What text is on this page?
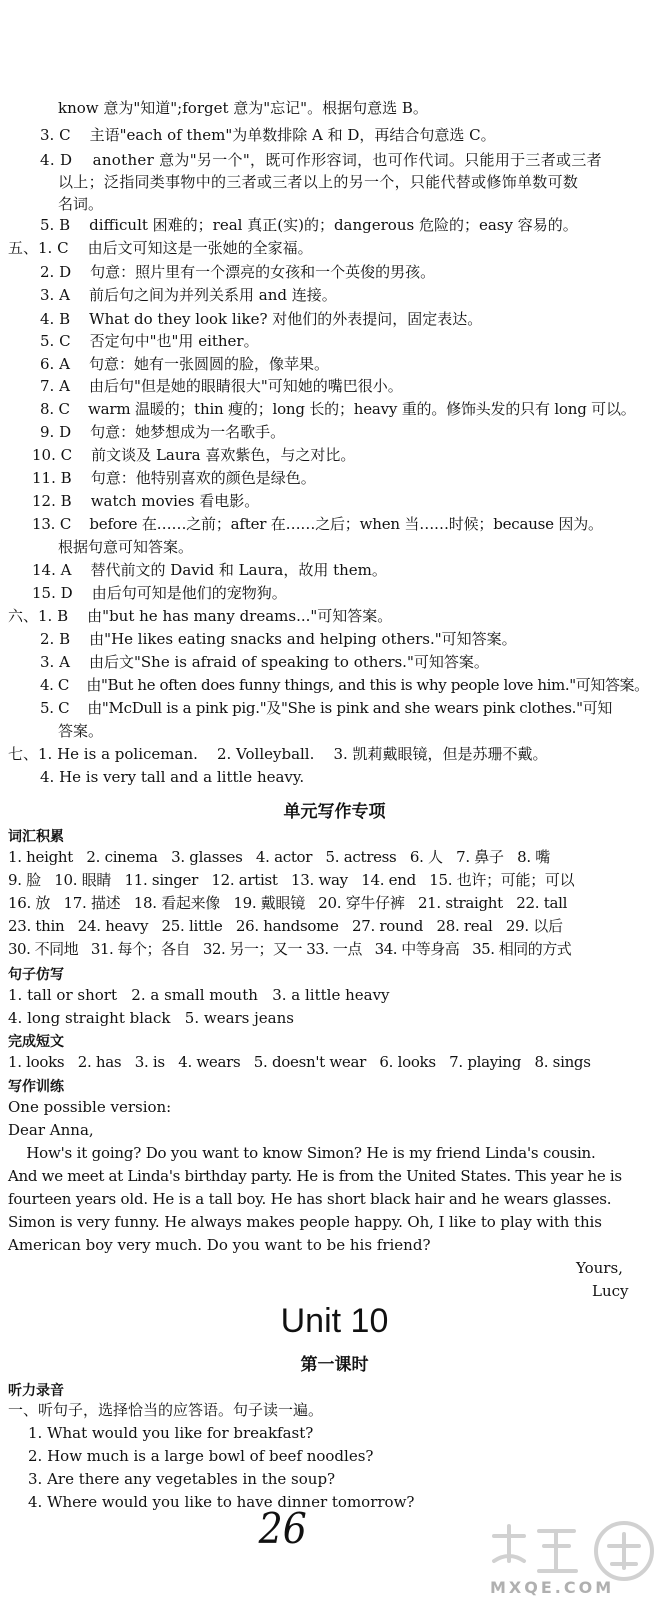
know 意为"知道";forget 意为"忘记"。根据句意选 B。
3. C    主语"each of them"为单数排除 A 和 D，再结合句意选 C。
4. D    another 意为"另一个"，既可作形容词，也可作代词。只能用于三者或三者
以上；泛指同类事物中的三者或三者以上的另一个，只能代替或修饰单数可数
名词。
5. B    difficult 困难的；real 真正(实)的；dangerous 危险的；easy 容易的。
五、1. C    由后文可知这是一张她的全家福。
2. D    句意：照片里有一个漂亮的女孩和一个英俊的男孩。
3. A    前后句之间为并列关系用 and 连接。
4. B    What do they look like? 对他们的外表提问，固定表达。
5. C    否定句中"也"用 either。
6. A    句意：她有一张圆圆的脸，像苹果。
7. A    由后句"但是她的眼睛很大"可知她的嘴巴很小。
8. C    warm 温暖的；thin 瘦的；long 长的；heavy 重的。修饰头发的只有 long 可以。
9. D    句意：她梦想成为一名歌手。
10. C    前文谈及 Laura 喜欢紫色，与之对比。
11. B    句意：他特别喜欢的颜色是绿色。
12. B    watch movies 看电影。
13. C    before 在……之前；after 在……之后；when 当……时候；because 因为。
根据句意可知答案。
14. A    替代前文的 David 和 Laura，故用 them。
15. D    由后句可知是他们的宠物狗。
六、1. B    由"but he has many dreams..."可知答案。
2. B    由"He likes eating snacks and helping others."可知答案。
3. A    由后文"She is afraid of speaking to others."可知答案。
4. C    由"But he often does funny things, and this is why people love him."可知答案。
5. C    由"McDull is a pink pig."及"She is pink and she wears pink clothes."可知
答案。
七、1. He is a policeman.    2. Volleyball.    3. 凯莉戴眼镜，但是苏珊不戴。
4. He is very tall and a little heavy.
单元写作专项
词汇积累
1. height   2. cinema   3. glasses   4. actor   5. actress   6. 人   7. 鼻子   8. 嘴
9. 脸   10. 眼睛   11. singer   12. artist   13. way   14. end   15. 也许；可能；可以
16. 放   17. 描述   18. 看起来像   19. 戴眼镜   20. 穿牛仔裤   21. straight   22. tall
23. thin   24. heavy   25. little   26. handsome   27. round   28. real   29. 以后
30. 不同地   31. 每个；各自   32. 另一；又一 33. 一点   34. 中等身高   35. 相同的方式
句子仿写
1. tall or short   2. a small mouth   3. a little heavy
4. long straight black   5. wears jeans
完成短文
1. looks   2. has   3. is   4. wears   5. doesn't wear   6. looks   7. playing   8. sings
写作训练
One possible version:
Dear Anna,
How's it going? Do you want to know Simon? He is my friend Linda's cousin.
And we meet at Linda's birthday party. He is from the United States. This year he is
fourteen years old. He is a tall boy. He has short black hair and he wears glasses.
Simon is very funny. He always makes people happy. Oh, I like to play with this
American boy very much. Do you want to be his friend?
Yours,
Lucy
Unit 10
第一课时
听力录音
一、听句子，选择恰当的应答语。句子读一遍。
1. What would you like for breakfast?
2. How much is a large bowl of beef noodles?
3. Are there any vegetables in the soup?
4. Where would you like to have dinner tomorrow?
26
MXQE.COM
